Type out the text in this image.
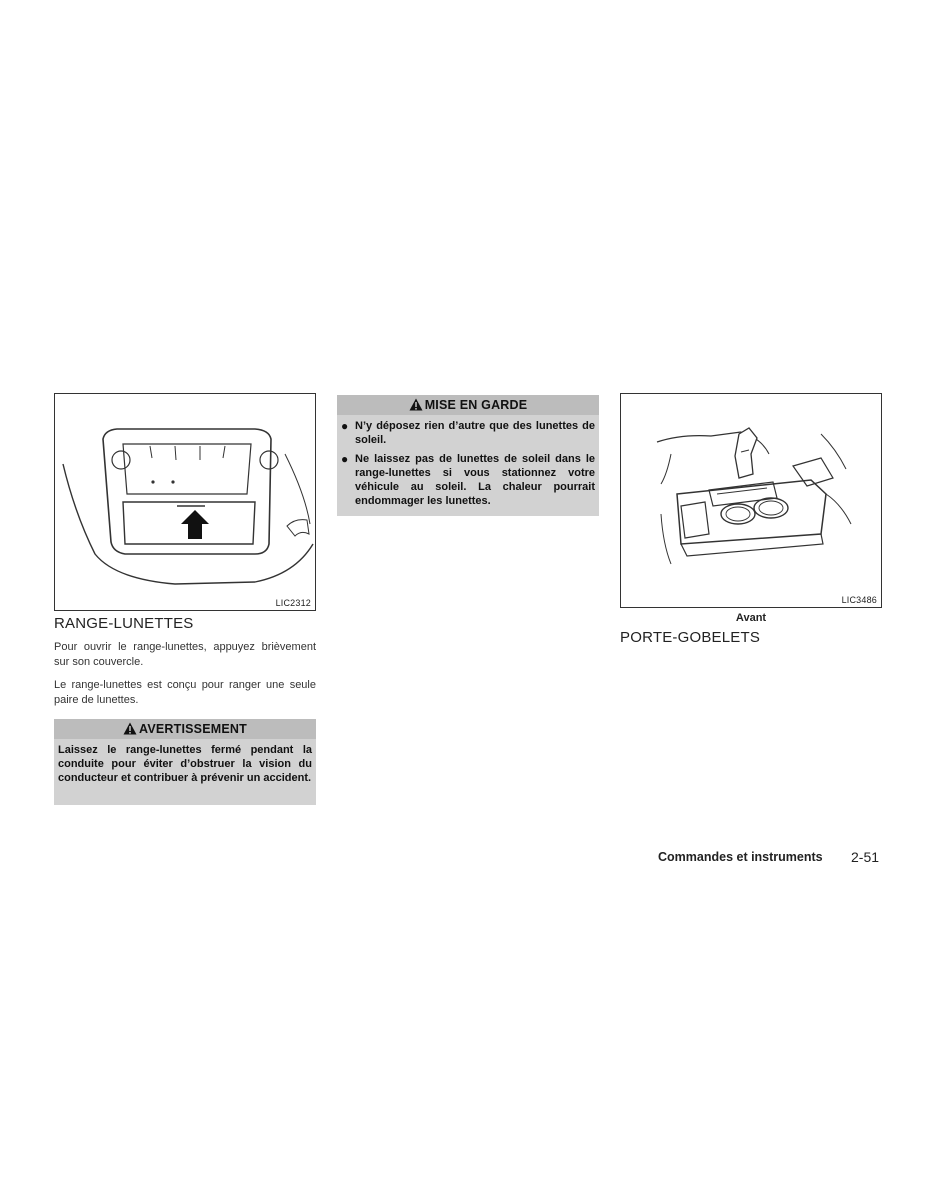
LIC2312
RANGE-LUNETTES

Pour ouvrir le range-lunettes, appuyez brièvement sur son couvercle.

Le range-lunettes est conçu pour ranger une seule paire de lunettes.

AVERTISSEMENT
Laissez le range-lunettes fermé pendant la conduite pour éviter d’obstruer la vision du conducteur et contribuer à prévenir un accident.
MISE EN GARDE
● N’y déposez rien d’autre que des lunettes de soleil.
● Ne laissez pas de lunettes de soleil dans le range-lunettes si vous stationnez votre véhicule au soleil. La chaleur pourrait endommager les lunettes.
LIC3486
Avant
PORTE-GOBELETS
Commandes et instruments 2-51
